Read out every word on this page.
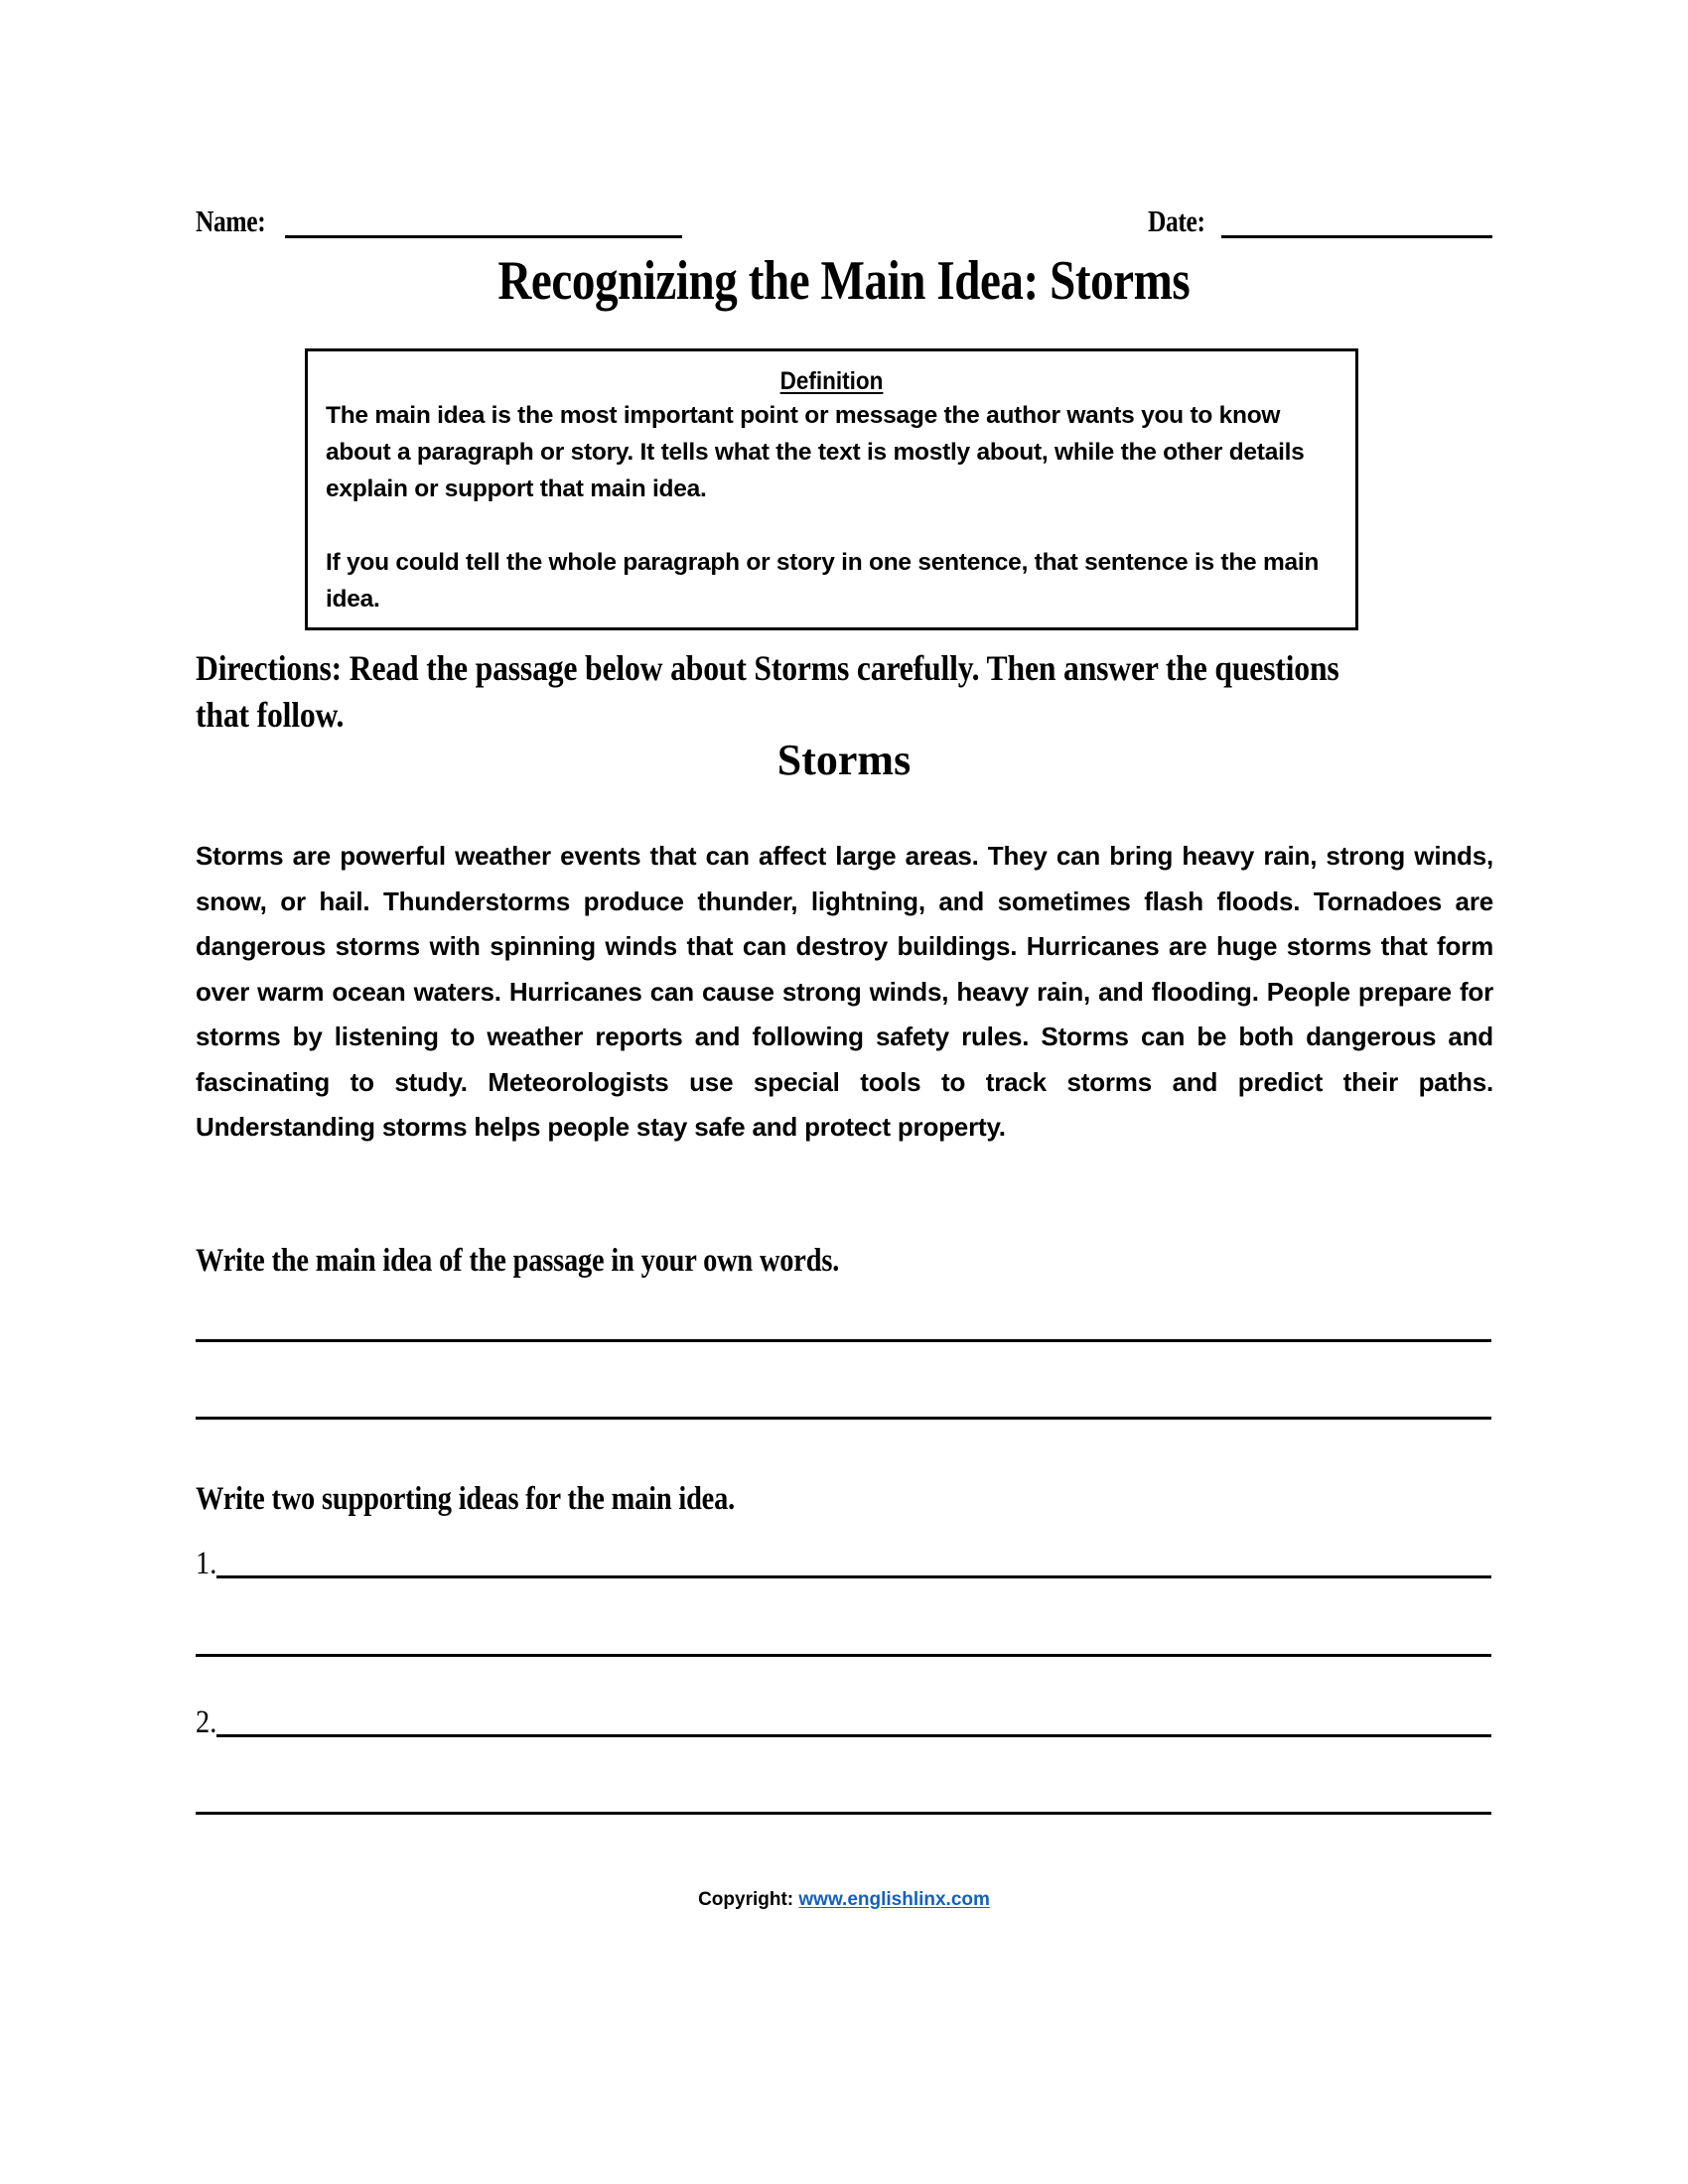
Name:	Date:
Recognizing the Main Idea: Storms
Definition

The main idea is the most important point or message the author wants you to know about a paragraph or story. It tells what the text is mostly about, while the other details explain or support that main idea.

If you could tell the whole paragraph or story in one sentence, that sentence is the main idea.

Directions: Read the passage below about Storms carefully. Then answer the questions that follow.
Storms

Storms are powerful weather events that can affect large areas. They can bring heavy rain, strong winds, snow, or hail. Thunderstorms produce thunder, lightning, and sometimes flash floods. Tornadoes are dangerous storms with spinning winds that can destroy buildings. Hurricanes are huge storms that form over warm ocean waters. Hurricanes can cause strong winds, heavy rain, and flooding. People prepare for storms by listening to weather reports and following safety rules. Storms can be both dangerous and fascinating to study. Meteorologists use special tools to track storms and predict their paths. Understanding storms helps people stay safe and protect property.

Write the main idea of the passage in your own words.
Write two supporting ideas for the main idea.
1.
2.
Copyright: www.englishlinx.com
